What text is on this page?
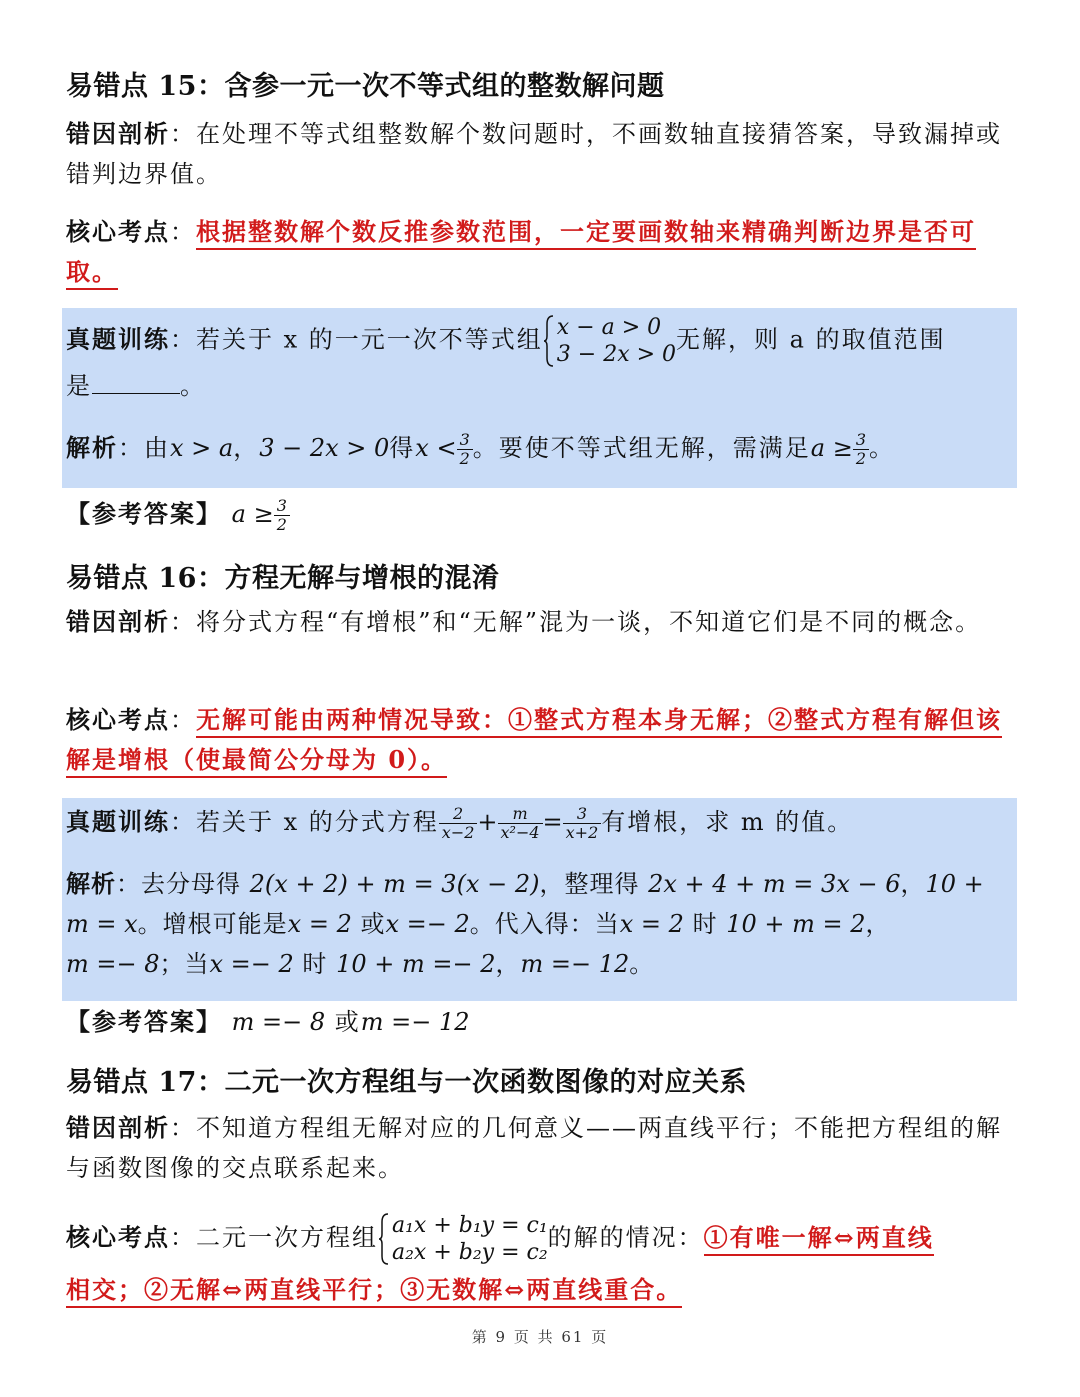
易错点 15：含参一元一次不等式组的整数解问题
错因剖析：在处理不等式组整数解个数问题时，不画数轴直接猜答案，导致漏掉或错判边界值。
核心考点：根据整数解个数反推参数范围，一定要画数轴来精确判断边界是否可取。
真题训练：若关于 x 的一元一次不等式组 x − a > 0
3 − 2x > 0
无解，则 a 的取值范围
是	。
解析：由x > a，3 − 2x > 0得$x < \frac{3}{2}$ 。要使不等式组无解，需满足$a \ge \frac{3}{2}$ 。
【参考答案】 $a \ge \frac{3}{2}$
易错点 16：方程无解与增根的混淆
错因剖析：将分式方程“有增根”和“无解”混为一谈，不知道它们是不同的概念。
核心考点：无解可能由两种情况导致：①整式方程本身无解；②整式方程有解但该解是增根（使最简公分母为 0）。
真题训练：若关于 x 的分式方程 $\frac{2}{x-2} + \frac{m}{\text{x²−4}} = \frac{3}{x+2}$ 有增根，求 m 的值。
解析：去分母得 2(x + 2) + m = 3(x − 2)，整理得 2x + 4 + m = 3x − 6，10 +
m = x。增根可能是x = 2 或x =− 2。代入得：当x = 2 时 10 + m = 2，
m =− 8；当x =− 2 时 10 + m =− 2，m =− 12。
【参考答案】 m =− 8 或m =− 12
易错点 17：二元一次方程组与一次函数图像的对应关系
错因剖析：不知道方程组无解对应的几何意义——两直线平行；不能把方程组的解与函数图像的交点联系起来。
核心考点：二元一次方程组 a₁x + b₁y = c₁
a₂x + b₂y = c₂
的解的情况：①有唯一解⇔两直线
相交；②无解⇔两直线平行；③无数解⇔两直线重合。
第 9 页 共 61 页
